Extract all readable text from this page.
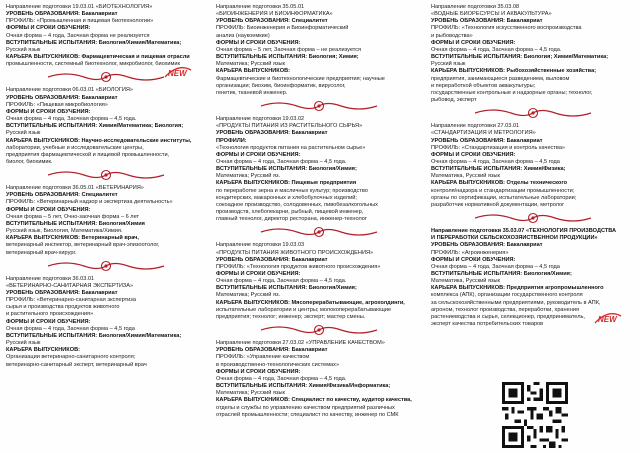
Направление подготовки 19.03.01 «БИОТЕХНОЛОГИЯ»
УРОВЕНЬ ОБРАЗОВАНИЯ: Бакалавриат
ПРОФИЛЬ: «Промышленная и пищевая биотехнологии»
ФОРМЫ И СРОКИ ОБУЧЕНИЯ:
Очная форма – 4 года, Заочная форма не реализуется
ВСТУПИТЕЛЬНЫЕ ИСПЫТАНИЯ: Биология/Химия/Математика;
Русский язык
КАРЬЕРА ВЫПУСКНИКОВ: Фармацевтическая и пищевая отрасли
промышленности, системный биотехнолог, микробиолог, биохимик
Направление подготовки 06.03.01 «БИОЛОГИЯ»
УРОВЕНЬ ОБРАЗОВАНИЯ: Бакалавриат
ПРОФИЛЬ: «Пищевая микробиология»
ФОРМЫ И СРОКИ ОБУЧЕНИЯ:
Очная форма – 4 года, Заочная форма – 4,5 года.
ВСТУПИТЕЛЬНЫЕ ИСПЫТАНИЯ: Химия/Математика; Биология;
Русский язык
КАРЬЕРА ВЫПУСКНИКОВ: Научно-исследовательские институты,
лаборатории, учебные и исследовательские центры,
предприятия фармацевтической и пищевой промышленности,
биолог, биохимик.
Направление подготовки 36.05.01 «ВЕТЕРИНАРИЯ»
УРОВЕНЬ ОБРАЗОВАНИЯ: Специалитет
ПРОФИЛЬ: «Ветеринарный надзор и экспертиза деятельность»
ФОРМЫ И СРОКИ ОБУЧЕНИЯ:
Очная форма – 5 лет, Очно-заочная форма – 6 лет
ВСТУПИТЕЛЬНЫЕ ИСПЫТАНИЯ: Биология/Химия
Русский язык, Биология, Математика/Химия.
КАРЬЕРА ВЫПУСКНИКОВ: Ветеринарный врач,
ветеринарный инспектор, ветеринарный врач-эпизоотолог,
ветеринарный врач-хирург.
Направление подготовки 36.03.01
«ВЕТЕРИНАРНО-САНИТАРНАЯ ЭКСПЕРТИЗА»
УРОВЕНЬ ОБРАЗОВАНИЯ: Бакалавриат
ПРОФИЛЬ: «Ветеринарно-санитарная экспертиза
сырья и производства продуктов животного
и растительного происхождения»
ФОРМЫ И СРОКИ ОБУЧЕНИЯ:
Очная форма – 4 года, Заочная форма – 4,5 года
ВСТУПИТЕЛЬНЫЕ ИСПЫТАНИЯ: Биология/Химия/Математика;
Русский язык
КАРЬЕРА ВЫПУСКНИКОВ:
Организации ветеринарно-санитарного контроля;
ветеринарно-санитарный эксперт, ветеринарный врач
Направление подготовки 35.05.01
«БИОИНЖЕНЕРИЯ И БИОИНФОРМАТИКА»
УРОВЕНЬ ОБРАЗОВАНИЯ: Специалитет
ПРОФИЛЬ: Биоинженерия и Биоинформатический
анализ (наукоемкие)
ФОРМЫ И СРОКИ ОБУЧЕНИЯ:
Очная форма – 5 лет, Заочная форма – не реализуется
ВСТУПИТЕЛЬНЫЕ ИСПЫТАНИЯ: Биология; Химия;
Математика; Русский язык
КАРЬЕРА ВЫПУСКНИКОВ:
Фармацевтические и биотехнологические предприятия; научные
организации; биохим, биоинформатик, вирусолог,
генетик, тканевой инженер.
Направление подготовки 19.03.02
«ПРОДУКТЫ ПИТАНИЯ ИЗ РАСТИТЕЛЬНОГО СЫРЬЯ»
УРОВЕНЬ ОБРАЗОВАНИЯ: Бакалавриат
ПРОФИЛИ:
«Технология продуктов питания на растительном сырье»
ФОРМЫ И СРОКИ ОБУЧЕНИЯ:
Очная форма – 4 года, Заочная форма – 4,5 года.
ВСТУПИТЕЛЬНЫЕ ИСПЫТАНИЯ: Биология/Химия;
Математика; Русский яз.
КАРЬЕРА ВЫПУСКНИКОВ: Пищевые предприятия
по переработке зерна и масличных культур; производство
кондитерских, макаронных и хлебобулочных изделий;
сокоадное производство, солодовенных, пивобезалкогольных
производств, хлебопекарни, рыбный, пищевой инженер,
главный технолог, директор ресторана, инженер-технолог
Направление подготовки 19.03.03
«ПРОДУКТЫ ПИТАНИЯ ЖИВОТНОГО ПРОИСХОЖДЕНИЯ»
УРОВЕНЬ ОБРАЗОВАНИЯ: Бакалавриат
ПРОФИЛЬ: «Технология продуктов животного происхождения»
ФОРМЫ И СРОКИ ОБУЧЕНИЯ:
Очная форма – 4 года, Заочная форма – 4,5 года.
ВСТУПИТЕЛЬНЫЕ ИСПЫТАНИЯ: Биология/Химия;
Математика; Русский яз.
КАРЬЕРА ВЫПУСКНИКОВ: Мясоперерабатывающие, агрохолдинги,
испытательные лаборатории и центры; молокоперерабатывающие
предприятия; технолог; инженер; эксперт; мастер смены.
Направление подготовки 27.03.02 «УПРАВЛЕНИЕ КАЧЕСТВОМ»
УРОВЕНЬ ОБРАЗОВАНИЯ: Бакалавриат
ПРОФИЛЬ: «Управление качеством
в производственно-технологических системах»
ФОРМЫ И СРОКИ ОБУЧЕНИЯ:
Очная форма – 4 года, Заочная форма – 4,5 года.
ВСТУПИТЕЛЬНЫЕ ИСПЫТАНИЯ: Химия/Физика/Информатика;
Математика; Русский язык
КАРЬЕРА ВЫПУСКНИКОВ: Специалист по качеству, аудитор качества,
отделы и службы по управлению качеством предприятий различных
отраслей промышленности; специалист по качеству, инженер по СМК
Направление подготовки 35.03.08
«ВОДНЫЕ БИОРЕСУРСЫ И АКВАКУЛЬТУРА»
УРОВЕНЬ ОБРАЗОВАНИЯ: Бакалавриат
ПРОФИЛЬ: «Технология искусственного воспроизводства
и рыбоводства»
ФОРМЫ И СРОКИ ОБУЧЕНИЯ:
Очная форма – 4 года, Заочная форма – 4,5 года.
ВСТУПИТЕЛЬНЫЕ ИСПЫТАНИЯ: Биология; Химия/Математика;
Русский язык
КАРЬЕРА ВЫПУСКНИКОВ: Рыбохозяйственные хозяйства;
предприятия, занимающиеся разведением, выловом
и переработкой объектов аквакультуры;
государственные контрольные и надзорные органы; технолог,
рыбовод, эксперт
Направление подготовки 27.03.01
«СТАНДАРТИЗАЦИЯ И МЕТРОЛОГИЯ»
УРОВЕНЬ ОБРАЗОВАНИЯ: Бакалавриат
ПРОФИЛЬ: «Стандартизация и контроль качества»
ФОРМЫ И СРОКИ ОБУЧЕНИЯ:
Очная форма – 4 года, Заочная форма – 4,5 года
ВСТУПИТЕЛЬНЫЕ ИСПЫТАНИЯ: Химия/Физика;
Математика, Русский язык
КАРЬЕРА ВЫПУСКНИКОВ: Отделы технического
контроля/надзора и стандартизации промышленности;
органы по сертификации, испытательные лаборатории;
разработчик нормативной документации, метролог
Направление подготовки 35.03.07 «ТЕХНОЛОГИЯ ПРОИЗВОДСТВА
И ПЕРЕРАБОТКИ СЕЛЬСКОХОЗЯЙСТВЕННОЙ ПРОДУКЦИИ»
УРОВЕНЬ ОБРАЗОВАНИЯ: Бакалавриат
ПРОФИЛЬ: «Агроинженерия»
ФОРМЫ И СРОКИ ОБУЧЕНИЯ:
Очная форма – 4 года, Заочная форма – 4,5 года
ВСТУПИТЕЛЬНЫЕ ИСПЫТАНИЯ: Биология/Химия;
Математика, Русский язык
КАРЬЕРА ВЫПУСКНИКОВ: Предприятия агропромышленного
комплекса (АПК), организации государственного контроля
за сельскохозяйственными предприятиями, руководитель в АПК,
агроном, технолог производства, переработки, хранения
растениеводства и сырья, селекционер, предприниматель,
эксперт качества потребительских товаров
NEW
NEW
